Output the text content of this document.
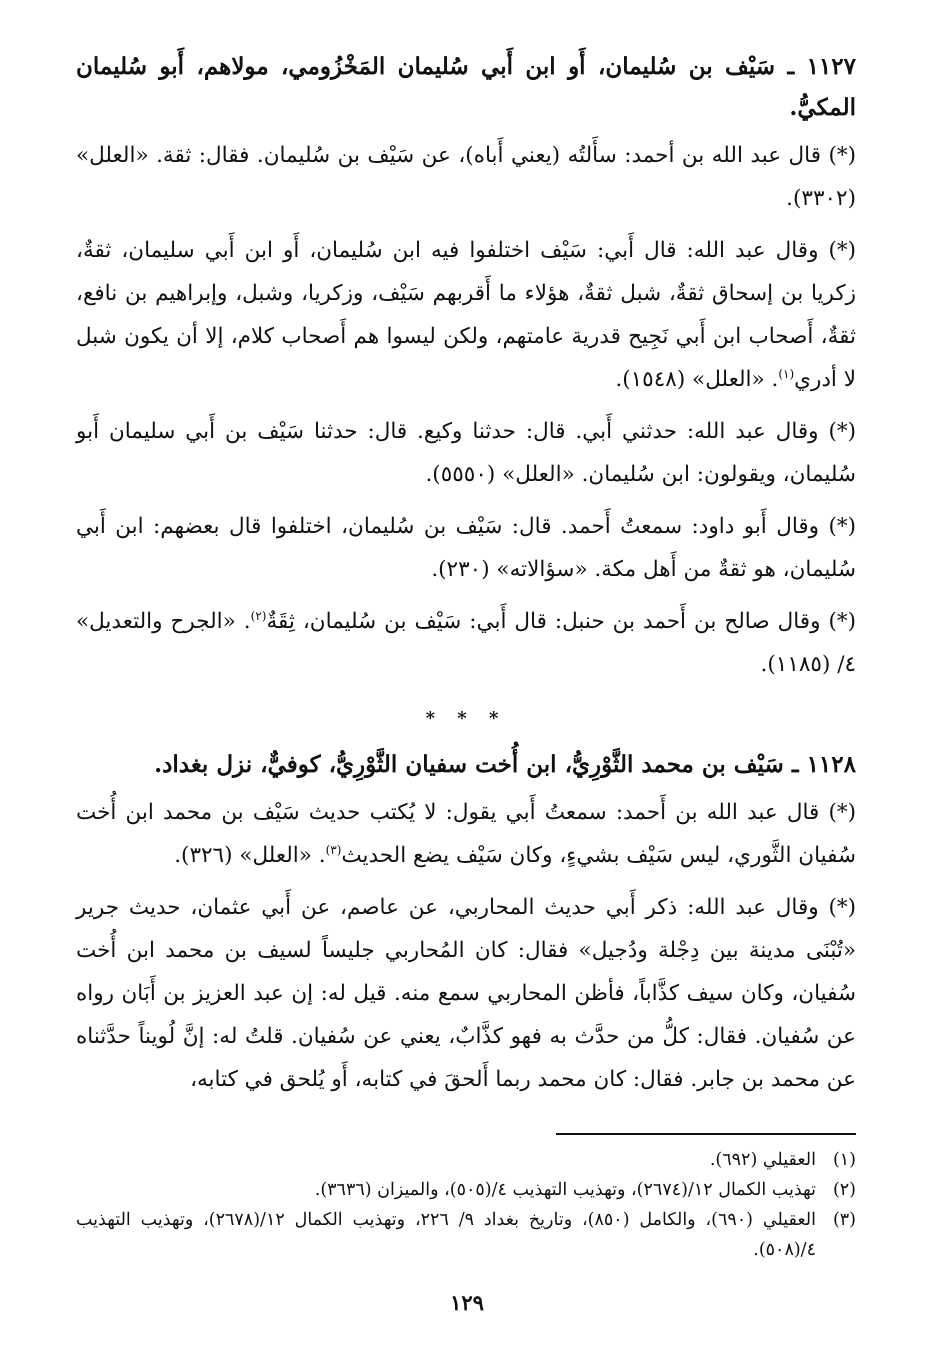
١١٢٧ ـ سَيْف بن سُليمان، أَو ابن أَبي سُليمان المَخْزُومي، مولاهم، أَبو سُليمان المكيُّ.

(*) قال عبد الله بن أحمد: سأَلتُه (يعني أَباه)، عن سَيْف بن سُليمان. فقال: ثقة. «العلل» (٣٣٠٢).

(*) وقال عبد الله: قال أَبي: سَيْف اختلفوا فيه ابن سُليمان، أَو ابن أَبي سليمان، ثقةٌ، زكريا بن إسحاق ثقةٌ، شبل ثقةٌ، هؤلاء ما أَقربهم سَيْف، وزكريا، وشبل، وإبراهيم بن نافع، ثقةٌ، أَصحاب ابن أَبي نَجِيح قدرية عامتهم، ولكن ليسوا هم أَصحاب كلام، إلا أن يكون شبل لا أدري$^{(١)}$. «العلل» (١٥٤٨).

(*) وقال عبد الله: حدثني أَبي. قال: حدثنا وكيع. قال: حدثنا سَيْف بن أَبي سليمان أَبو سُليمان، ويقولون: ابن سُليمان. «العلل» (٥٥٥٠).

(*) وقال أَبو داود: سمعتُ أَحمد. قال: سَيْف بن سُليمان، اختلفوا قال بعضهم: ابن أَبي سُليمان، هو ثقةٌ من أَهل مكة. «سؤالاته» (٢٣٠).

(*) وقال صالح بن أَحمد بن حنبل: قال أَبي: سَيْف بن سُليمان، ثِقَةٌ$^{(٢)}$. «الجرح والتعديل» ٤/ (١١٨٥).

* * *
١١٢٨ ـ سَيْف بن محمد الثَّوْرِيُّ، ابن أُخت سفيان الثَّوْرِيُّ، كوفيٌّ، نزل بغداد.

(*) قال عبد الله بن أَحمد: سمعتُ أَبي يقول: لا يُكتب حديث سَيْف بن محمد ابن أُخت سُفيان الثَّوري، ليس سَيْف بشيءٍ، وكان سَيْف يضع الحديث$^{(٣)}$. «العلل» (٣٢٦).

(*) وقال عبد الله: ذكر أَبي حديث المحاربي، عن عاصم، عن أَبي عثمان، حديث جرير «تُبْنَى مدينة بين دِجْلة ودُجيل» فقال: كان المُحاربي جليساً لسيف بن محمد ابن أُخت سُفيان، وكان سيف كذَّاباً، فأظن المحاربي سمع منه. قيل له: إن عبد العزيز بن أَبَان رواه عن سُفيان. فقال: كلُّ من حدَّث به فهو كذَّابٌ، يعني عن سُفيان. قلتُ له: إنَّ لُويناً حدَّثناه عن محمد بن جابر. فقال: كان محمد ربما أَلحقَ في كتابه، أَو يُلحق في كتابه،

(١)
العقيلي (٦٩٢).
(٢)
تهذيب الكمال ١٢/(٢٦٧٤)، وتهذيب التهذيب ٤/(٥٠٥)، والميزان (٣٦٣٦).
(٣)
العقيلي (٦٩٠)، والكامل (٨٥٠)، وتاريخ بغداد ٩/ ٢٢٦، وتهذيب الكمال ١٢/(٢٦٧٨)، وتهذيب التهذيب ٤/(٥٠٨).
١٢٩
